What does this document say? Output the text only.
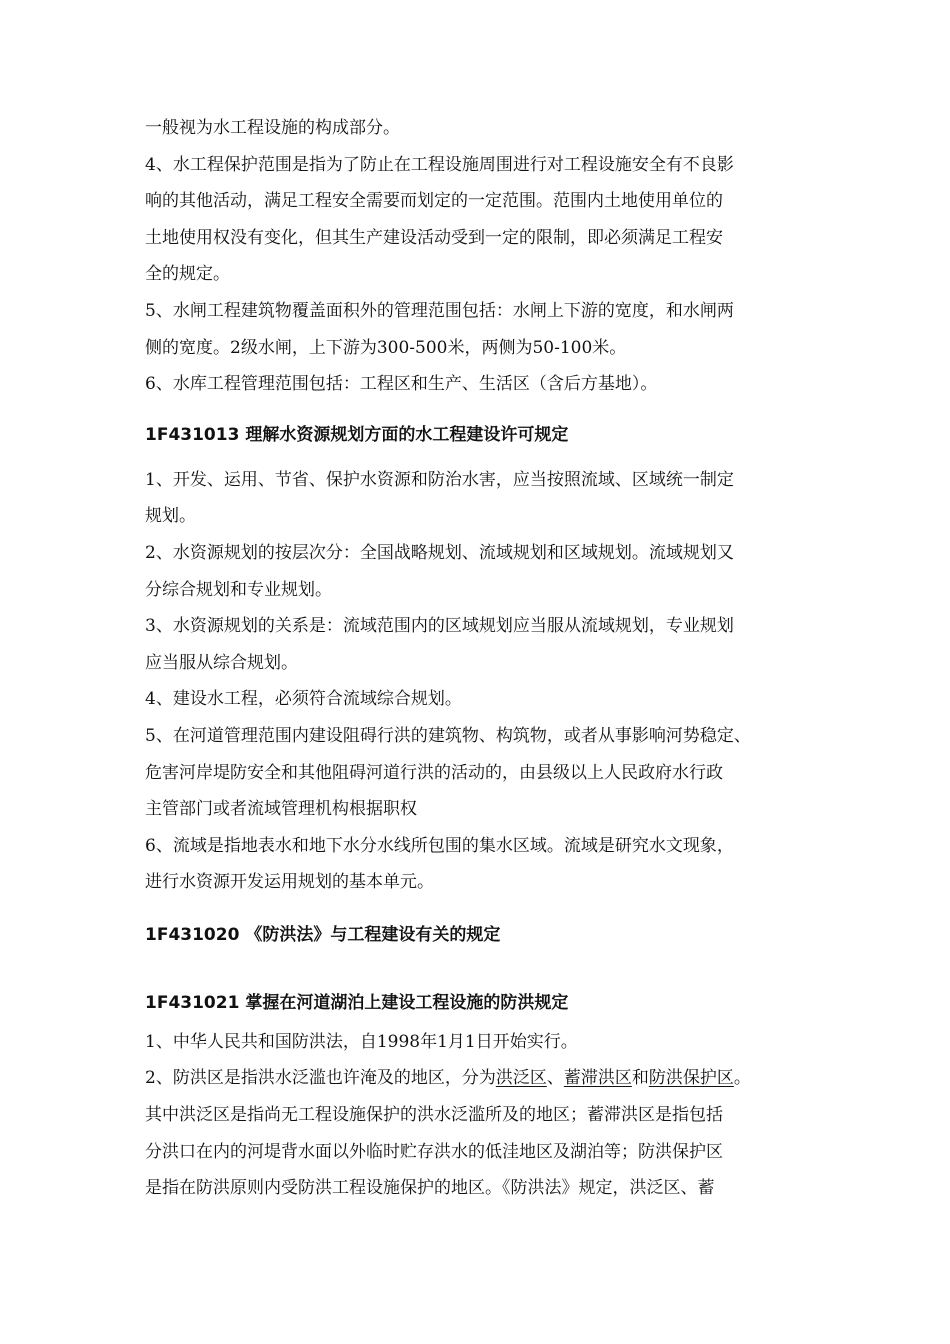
一般视为水工程设施的构成部分。

4、水工程保护范围是指为了防止在工程设施周围进行对工程设施安全有不良影

响的其他活动，满足工程安全需要而划定的一定范围。范围内土地使用单位的

土地使用权没有变化，但其生产建设活动受到一定的限制，即必须满足工程安

全的规定。

5、水闸工程建筑物覆盖面积外的管理范围包括：水闸上下游的宽度，和水闸两

侧的宽度。2级水闸，上下游为300-500米，两侧为50-100米。

6、水库工程管理范围包括：工程区和生产、生活区（含后方基地）。

1F431013 理解水资源规划方面的水工程建设许可规定

1、开发、运用、节省、保护水资源和防治水害，应当按照流域、区域统一制定

规划。

2、水资源规划的按层次分：全国战略规划、流域规划和区域规划。流域规划又

分综合规划和专业规划。

3、水资源规划的关系是：流域范围内的区域规划应当服从流域规划，专业规划

应当服从综合规划。

4、建设水工程，必须符合流域综合规划。

5、在河道管理范围内建设阻碍行洪的建筑物、构筑物，或者从事影响河势稳定、

危害河岸堤防安全和其他阻碍河道行洪的活动的，由县级以上人民政府水行政

主管部门或者流域管理机构根据职权

6、流域是指地表水和地下水分水线所包围的集水区域。流域是研究水文现象，

进行水资源开发运用规划的基本单元。

1F431020 《防洪法》与工程建设有关的规定

1F431021 掌握在河道湖泊上建设工程设施的防洪规定

1、中华人民共和国防洪法，自1998年1月1日开始实行。

2、防洪区是指洪水泛滥也许淹及的地区，分为洪泛区、蓄滞洪区和防洪保护区。

其中洪泛区是指尚无工程设施保护的洪水泛滥所及的地区；蓄滞洪区是指包括

分洪口在内的河堤背水面以外临时贮存洪水的低洼地区及湖泊等；防洪保护区

是指在防洪原则内受防洪工程设施保护的地区。《防洪法》规定，洪泛区、蓄
